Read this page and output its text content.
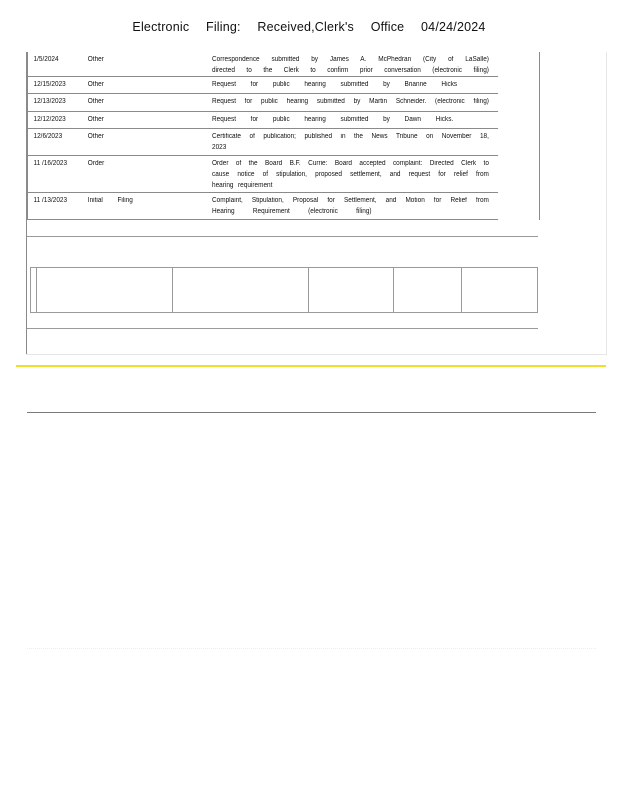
Electronic Filing: Received,Clerk's Office 04/24/2024
1/5/2024	Other	Correspondence submitted by James A. McPhedran (City of LaSalle)
directed to the Clerk to confirm prior conversation (electronic filing)
12/15/2023	Other	Request for public hearing submitted by Brianne Hicks
12/13/2023	Other	Request for public hearing submitted by Martin Schneider. (electronic filing)
12/12/2023	Other	Request for public hearing submitted by Dawn Hicks.
12/6/2023	Other	Certificate of publication; published in the News Tribune on November 18,
2023
11 /16/2023	Order	Order of the Board B.F. Currie: Board accepted complaint: Directed Clerk to
cause notice of stipulation, proposed settlement, and request for relief from
hearing requirement
11 /13/2023	Initial Filing	Complaint, Stipulation, Proposal for Settlement, and Motion for Relief from
Hearing Requirement (electronic filing)
